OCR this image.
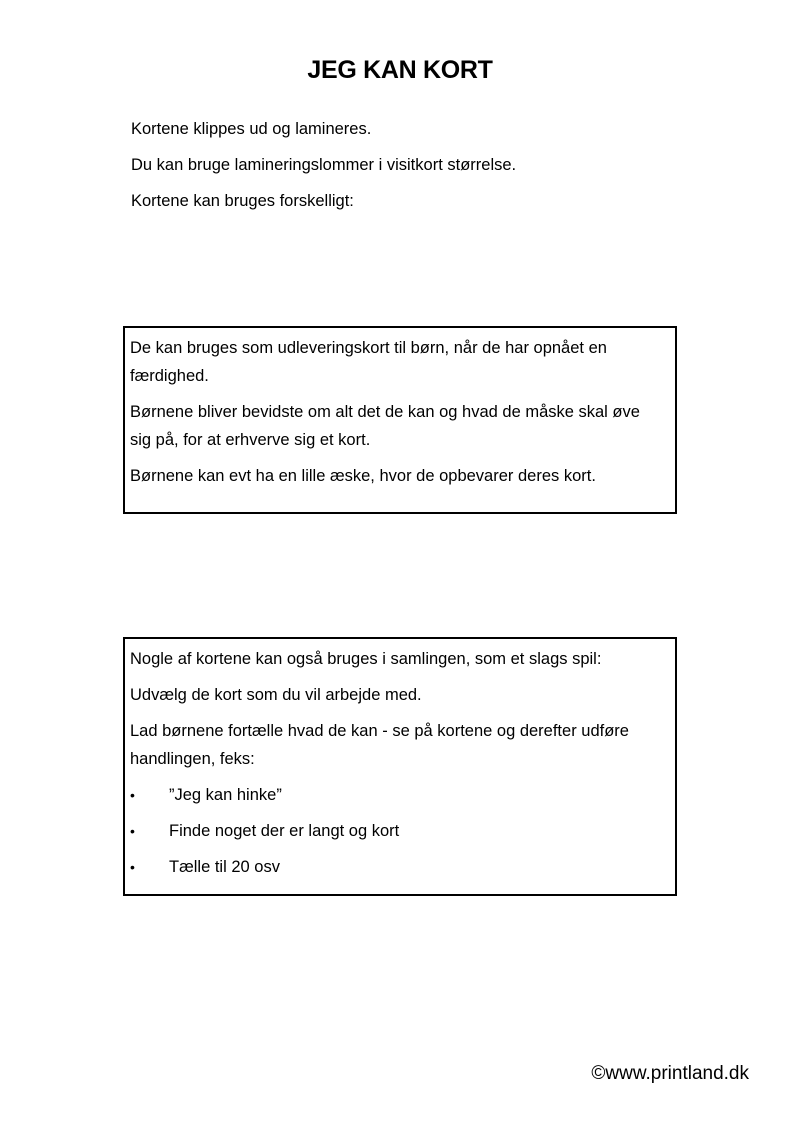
JEG KAN KORT

Kortene klippes ud og lamineres.

Du kan bruge lamineringslommer i visitkort størrelse.

Kortene kan bruges forskelligt:

De kan bruges som udleveringskort til børn, når de har opnået en færdighed.

Børnene bliver bevidste om alt det de kan og hvad de måske skal øve sig på, for at erhverve sig et kort.

Børnene kan evt ha en lille æske, hvor de opbevarer deres kort.

Nogle af kortene kan også bruges i samlingen, som et slags spil:

Udvælg de kort som du vil arbejde med.

Lad børnene fortælle hvad de kan - se på kortene og derefter udføre handlingen, feks:

• ”Jeg kan hinke”
• Finde noget der er langt og kort
• Tælle til 20 osv

©www.printland.dk
